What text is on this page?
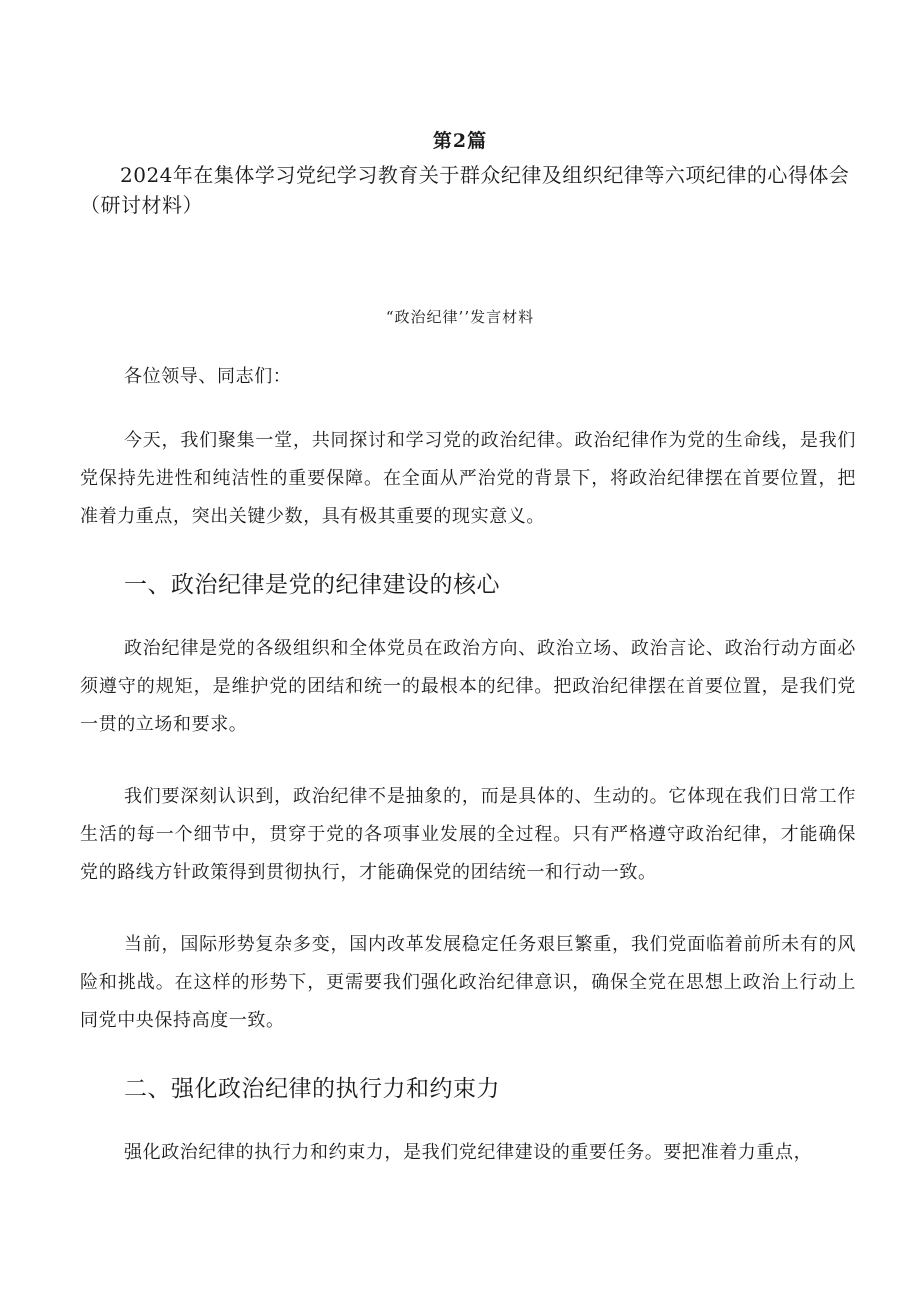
第2篇
2024年在集体学习党纪学习教育关于群众纪律及组织纪律等六项纪律的心得体会（研讨材料）
“政治纪律’’发言材料
各位领导、同志们：
今天，我们聚集一堂，共同探讨和学习党的政治纪律。政治纪律作为党的生命线，是我们党保持先进性和纯洁性的重要保障。在全面从严治党的背景下，将政治纪律摆在首要位置，把准着力重点，突出关键少数，具有极其重要的现实意义。
一、政治纪律是党的纪律建设的核心
政治纪律是党的各级组织和全体党员在政治方向、政治立场、政治言论、政治行动方面必须遵守的规矩，是维护党的团结和统一的最根本的纪律。把政治纪律摆在首要位置，是我们党一贯的立场和要求。
我们要深刻认识到，政治纪律不是抽象的，而是具体的、生动的。它体现在我们日常工作生活的每一个细节中，贯穿于党的各项事业发展的全过程。只有严格遵守政治纪律，才能确保党的路线方针政策得到贯彻执行，才能确保党的团结统一和行动一致。
当前，国际形势复杂多变，国内改革发展稳定任务艰巨繁重，我们党面临着前所未有的风险和挑战。在这样的形势下，更需要我们强化政治纪律意识，确保全党在思想上政治上行动上同党中央保持高度一致。
二、强化政治纪律的执行力和约束力
强化政治纪律的执行力和约束力，是我们党纪律建设的重要任务。要把准着力重点，
